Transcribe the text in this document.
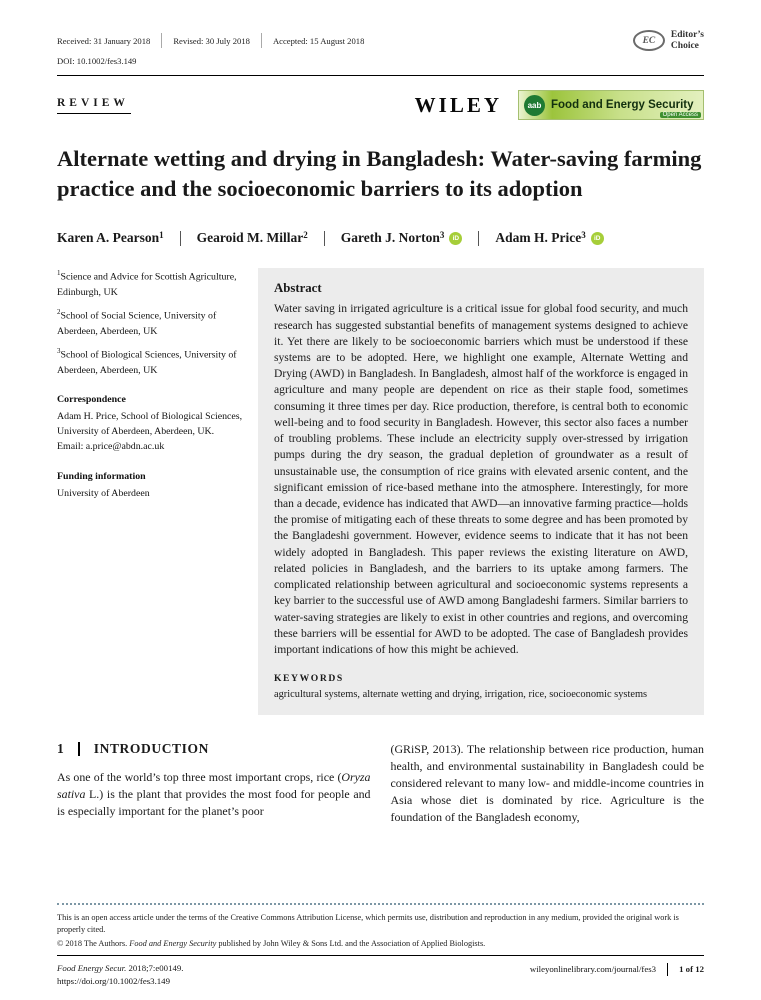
Received: 31 January 2018	Revised: 30 July 2018	Accepted: 15 August 2018	EC
Editor’s
Choice
DOI: 10.1002/fes3.149
REVIEW	WILEY	aab Food and Energy Security
Open Access
Alternate wetting and drying in Bangladesh: Water-saving farming practice and the socioeconomic barriers to its adoption
Karen A. Pearson 1 Gearoid M. Millar 2 Gareth J. Norton 3	iD	Adam H. Price 3	iD
$^1$Science and Advice for Scottish Agriculture, Edinburgh, UK
$^2$School of Social Science, University of Aberdeen, Aberdeen, UK
$^3$School of Biological Sciences, University of Aberdeen, Aberdeen, UK
Correspondence
Adam H. Price, School of Biological Sciences, University of Aberdeen, Aberdeen, UK.
Email: a.price@abdn.ac.uk
Funding information
University of Aberdeen
Abstract

Water saving in irrigated agriculture is a critical issue for global food security, and much research has suggested substantial benefits of management systems designed to achieve it. Yet there are likely to be socioeconomic barriers which must be understood if these systems are to be adopted. Here, we highlight one example, Alternate Wetting and Drying (AWD) in Bangladesh. In Bangladesh, almost half of the workforce is engaged in agriculture and many people are dependent on rice as their staple food, sometimes consuming it three times per day. Rice production, therefore, is central both to economic well-being and to food security in Bangladesh. However, this sector also faces a number of troubling problems. These include an electricity supply over-stressed by irrigation pumps during the dry season, the gradual depletion of groundwater as a result of unsustainable use, the consumption of rice grains with elevated arsenic content, and the significant emission of rice-based methane into the atmosphere. Interestingly, for more than a decade, evidence has indicated that AWD—an innovative farming practice—holds the promise of mitigating each of these threats to some degree and has been promoted by the Bangladeshi government. However, evidence seems to indicate that it has not been widely adopted in Bangladesh. This paper reviews the existing literature on AWD, related policies in Bangladesh, and the barriers to its uptake among farmers. The complicated relationship between agricultural and socioeconomic systems represents a key barrier to the successful use of AWD among Bangladeshi farmers. Similar barriers to water-saving strategies are likely to exist in other countries and regions, and overcoming these barriers will be essential for AWD to be adopted. The case of Bangladesh provides important indications of how this might be achieved.

KEYWORDS
agricultural systems, alternate wetting and drying, irrigation, rice, socioeconomic systems
1 INTRODUCTION

As one of the world’s top three most important crops, rice (Oryza sativa L.) is the plant that provides the most food for people and is especially important for the planet’s poor

(GRiSP, 2013). The relationship between rice production, human health, and environmental sustainability in Bangladesh could be considered relevant to many low- and middle-income countries in Asia whose diet is dominated by rice. Agriculture is the foundation of the Bangladesh economy,

This is an open access article under the terms of the Creative Commons Attribution License, which permits use, distribution and reproduction in any medium, provided the original work is properly cited.

© 2018 The Authors. Food and Energy Security published by John Wiley & Sons Ltd. and the Association of Applied Biologists.

Food Energy Secur. 2018;7:e00149.
https://doi.org/10.1002/fes3.149
wileyonlinelibrary.com/journal/fes3	1 of 12
